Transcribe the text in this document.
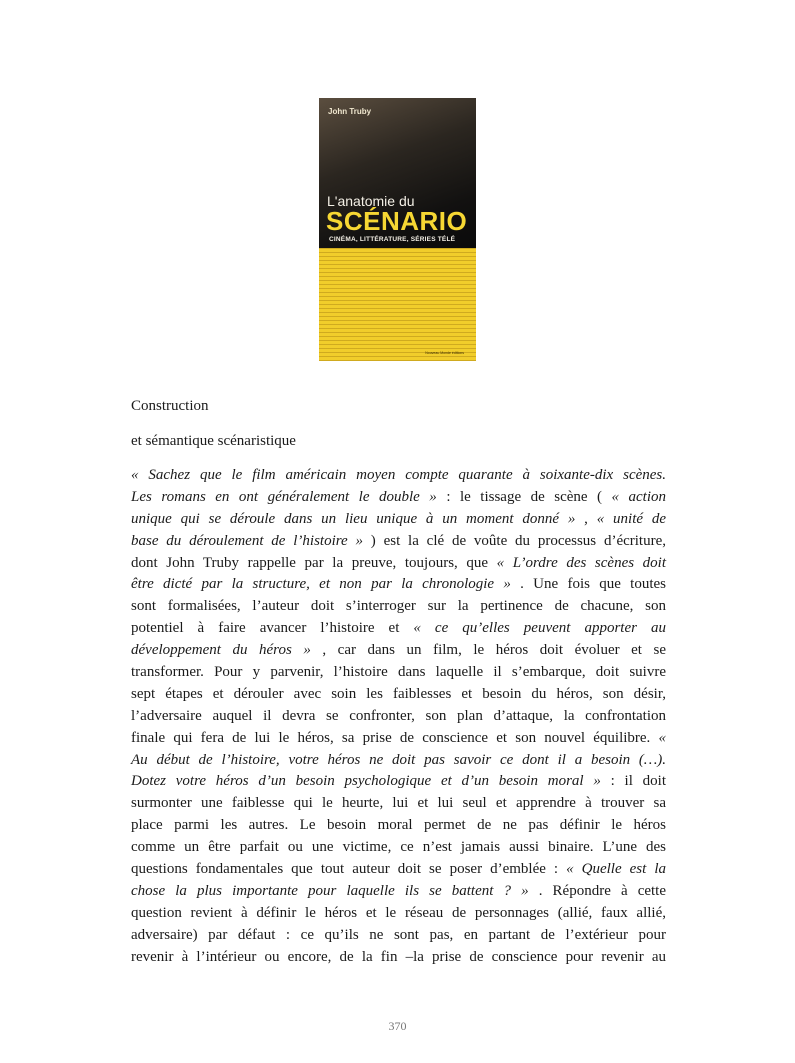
John Truby
L'anatomie du
SCÉNARIO
CINÉMA, LITTÉRATURE, SÉRIES TÉLÉ
Nouveau Monde éditions

Construction

et sémantique scénaristique

« Sachez que le film américain moyen compte quarante à soixante-dix scènes.
Les romans en ont généralement le double » : le tissage de scène ( « action
unique qui se déroule dans un lieu unique à un moment donné » , « unité de
base du déroulement de l’histoire » ) est la clé de voûte du processus d’écriture,
dont John Truby rappelle par la preuve, toujours, que « L’ordre des scènes doit
être dicté par la structure, et non par la chronologie » . Une fois que toutes
sont formalisées, l’auteur doit s’interroger sur la pertinence de chacune, son
potentiel à faire avancer l’histoire et « ce qu’elles peuvent apporter au
développement du héros » , car dans un film, le héros doit évoluer et se
transformer. Pour y parvenir, l’histoire dans laquelle il s’embarque, doit suivre
sept étapes et dérouler avec soin les faiblesses et besoin du héros, son désir,
l’adversaire auquel il devra se confronter, son plan d’attaque, la confrontation
finale qui fera de lui le héros, sa prise de conscience et son nouvel équilibre. «
Au début de l’histoire, votre héros ne doit pas savoir ce dont il a besoin (…).
Dotez votre héros d’un besoin psychologique et d’un besoin moral » : il doit
surmonter une faiblesse qui le heurte, lui et lui seul et apprendre à trouver sa
place parmi les autres. Le besoin moral permet de ne pas définir le héros
comme un être parfait ou une victime, ce n’est jamais aussi binaire. L’une des
questions fondamentales que tout auteur doit se poser d’emblée : « Quelle est la
chose la plus importante pour laquelle ils se battent ? » . Répondre à cette
question revient à définir le héros et le réseau de personnages (allié, faux allié,
adversaire) par défaut : ce qu’ils ne sont pas, en partant de l’extérieur pour
revenir à l’intérieur ou encore, de la fin –la prise de conscience pour revenir au
370
